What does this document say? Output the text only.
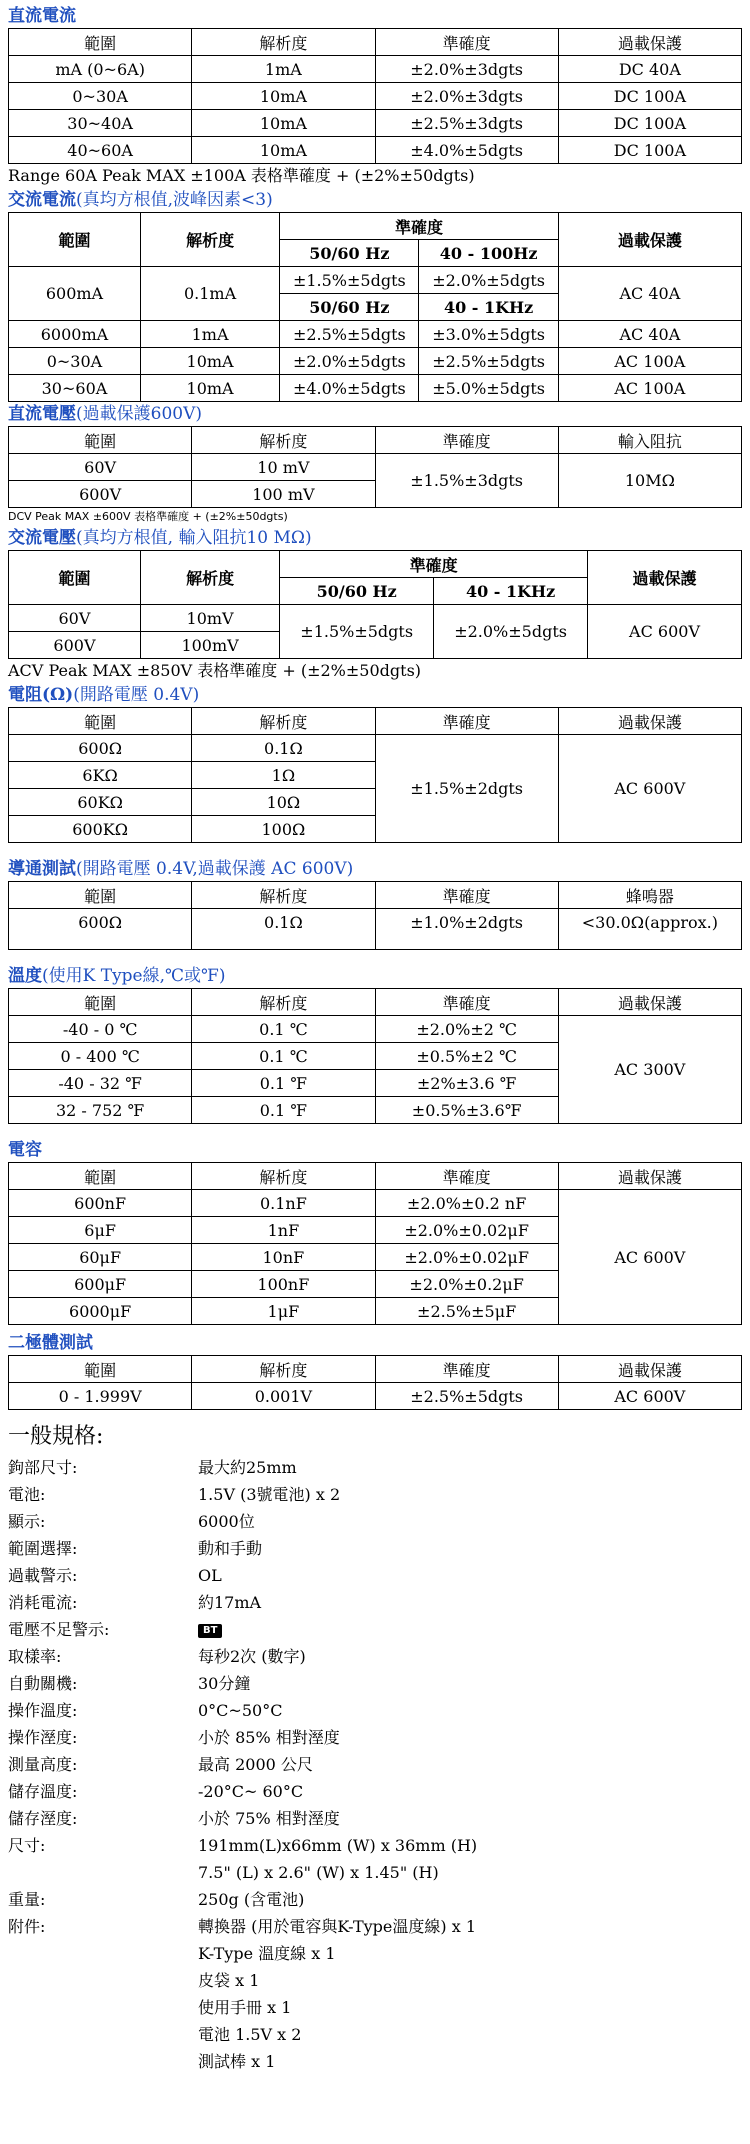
直流電流
範圍	解析度	準確度	過載保護
mA (0~6A)	1mA	±2.0%±3dgts	DC 40A
0~30A	10mA	±2.0%±3dgts	DC 100A
30~40A	10mA	±2.5%±3dgts	DC 100A
40~60A	10mA	±4.0%±5dgts	DC 100A
Range 60A Peak MAX ±100A 表格準確度 + (±2%±50dgts)
交流電流(真均方根值,波峰因素<3)
範圍	解析度	準確度		過載保護
		50/60 Hz	40 - 100Hz	
600mA	0.1mA	±1.5%±5dgts	±2.0%±5dgts	AC 40A
		50/60 Hz	40 - 1KHz	
6000mA	1mA	±2.5%±5dgts	±3.0%±5dgts	AC 40A
0~30A	10mA	±2.0%±5dgts	±2.5%±5dgts	AC 100A
30~60A	10mA	±4.0%±5dgts	±5.0%±5dgts	AC 100A
直流電壓(過載保護600V)
範圍	解析度	準確度	輸入阻抗
60V	10 mV	±1.5%±3dgts	10MΩ
600V	100 mV		
DCV Peak MAX ±600V 表格準確度 + (±2%±50dgts)
交流電壓(真均方根值, 輸入阻抗10 MΩ)
範圍	解析度	準確度		過載保護
		50/60 Hz	40 - 1KHz	
60V	10mV	±1.5%±5dgts	±2.0%±5dgts	AC 600V
600V	100mV			
ACV Peak MAX ±850V 表格準確度 + (±2%±50dgts)
電阻(Ω)(開路電壓 0.4V)
範圍	解析度	準確度	過載保護
600Ω	0.1Ω	±1.5%±2dgts	AC 600V
6KΩ	1Ω		
60KΩ	10Ω		
600KΩ	100Ω		
導通測試(開路電壓 0.4V,過載保護 AC 600V)
範圍	解析度	準確度	蜂鳴器
600Ω	0.1Ω	±1.0%±2dgts	<30.0Ω(approx.)
溫度(使用K Type線,℃或℉)
範圍	解析度	準確度	過載保護
-40 - 0 ℃	0.1 ℃	±2.0%±2 ℃	AC 300V
0 - 400 ℃	0.1 ℃	±0.5%±2 ℃	
-40 - 32 ℉	0.1 ℉	±2%±3.6 ℉	
32 - 752 ℉	0.1 ℉	±0.5%±3.6℉	
電容
範圍	解析度	準確度	過載保護
600nF	0.1nF	±2.0%±0.2 nF	AC 600V
6μF	1nF	±2.0%±0.02μF	
60μF	10nF	±2.0%±0.02μF	
600μF	100nF	±2.0%±0.2μF	
6000μF	1μF	±2.5%±5μF	
二極體測試
範圍	解析度	準確度	過載保護
0 - 1.999V	0.001V	±2.5%±5dgts	AC 600V
一般規格:
鉤部尺寸:	最大約25mm
電池:	1.5V (3號電池) x 2
顯示:	6000位
範圍選擇:	動和手動
過載警示:	OL
消耗電流:	約17mA
電壓不足警示:	BT
取樣率:	每秒2次 (數字)
自動關機:	30分鐘
操作溫度:	0°C~50°C
操作溼度:	小於 85% 相對溼度
測量高度:	最高 2000 公尺
儲存溫度:	-20°C~ 60°C
儲存溼度:	小於 75% 相對溼度
尺寸:	191mm(L)x66mm (W) x 36mm (H)
7.5" (L) x 2.6" (W) x 1.45" (H)
重量:	250g (含電池)
附件:	轉換器 (用於電容與K-Type溫度線) x 1
K-Type 溫度線 x 1
皮袋 x 1
使用手冊 x 1
電池 1.5V x 2
測試棒 x 1
